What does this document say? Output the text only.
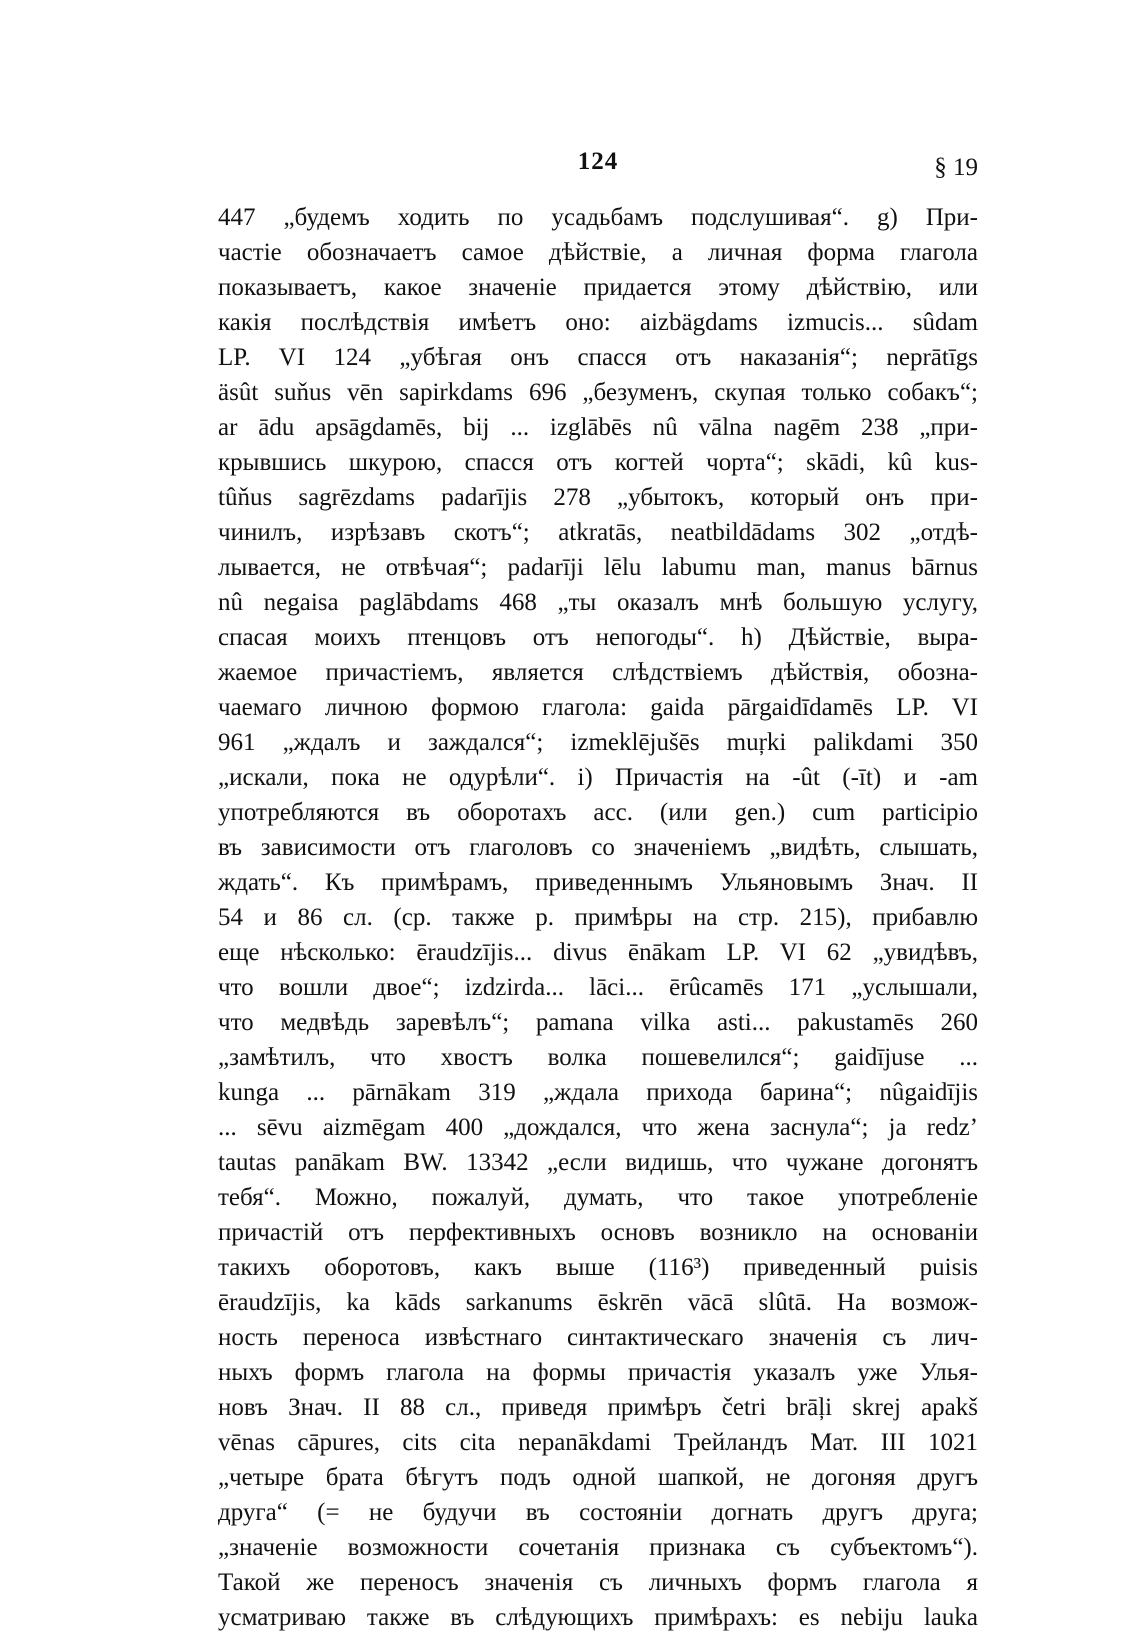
124	§ 19
447 „будемъ ходить по усадьбамъ подслушивая“. g) При-
частіе обозначаетъ самое дѣйствіе, а личная форма глагола
показываетъ, какое значеніе придается этому дѣйствію, или
какія послѣдствія имѣетъ оно: aizbägdams izmucis... sûdam
LP. VI 124 „убѣгая онъ спасся отъ наказанія“; neprātīgs
äsût suňus vēn sapirkdams 696 „безуменъ, скупая только собакъ“;
ar ādu apsāgdamēs, bij ... izglābēs nû vālna nagēm 238 „при-
крывшись шкурою, спасся отъ когтей чорта“; skādi, kû kus-
tûňus sagrēzdams padarījis 278 „убытокъ, который онъ при-
чинилъ, изрѣзавъ скотъ“; atkratās, neatbildādams 302 „отдѣ-
лывается, не отвѣчая“; padarīji lēlu labumu man, manus bārnus
nû negaisa paglābdams 468 „ты оказалъ мнѣ большую услугу,
спасая моихъ птенцовъ отъ непогоды“. h) Дѣйствіе, выра-
жаемое причастіемъ, является слѣдствіемъ дѣйствія, обозна-
чаемаго личною формою глагола: gaida pārgaidīdamēs LP. VI
961 „ждалъ и заждался“; izmeklējušēs muŗki palikdami 350
„искали, пока не одурѣли“. i) Причастія на -ût (-īt) и -am
употребляются въ оборотахъ acc. (или gen.) cum participio
въ зависимости отъ глаголовъ со значеніемъ „видѣть, слышать,
ждать“. Къ примѣрамъ, приведеннымъ Ульяновымъ Знач. II
54 и 86 сл. (ср. также р. примѣры на стр. 215), прибавлю
еще нѣсколько: ēraudzījis... divus ēnākam LP. VI 62 „увидѣвъ,
что вошли двое“; izdzirda... lāci... ērûcamēs 171 „услышали,
что медвѣдь заревѣлъ“; pamana vilka asti... pakustamēs 260
„замѣтилъ, что хвостъ волка пошевелился“; gaidījuse ...
kunga ... pārnākam 319 „ждала прихода барина“; nûgaidījis
... sēvu aizmēgam 400 „дождался, что жена заснула“; ja redz’
tautas panākam BW. 13342 „если видишь, что чужане догонятъ
тебя“. Можно, пожалуй, думать, что такое употребленіе
причастій отъ перфективныхъ основъ возникло на основаніи
такихъ оборотовъ, какъ выше (116³) приведенный puisis
ēraudzījis, ka kāds sarkanums ēskrēn vācā slûtā. На возмож-
ность переноса извѣстнаго синтактическаго значенія съ лич-
ныхъ формъ глагола на формы причастія указалъ уже Улья-
новъ Знач. II 88 сл., приведя примѣръ četri brāļi skrej apakš
vēnas cāpures, cits cita nepanākdami Трейландъ Мат. III 1021
„четыре брата бѣгутъ подъ одной шапкой, не догоняя другъ
друга“ (= не будучи въ состояніи догнать другъ друга;
„значеніе возможности сочетанія признака съ субъектомъ“).
Такой же переносъ значенія съ личныхъ формъ глагола я
усматриваю также въ слѣдующихъ примѣрахъ: es nebiju lauka
